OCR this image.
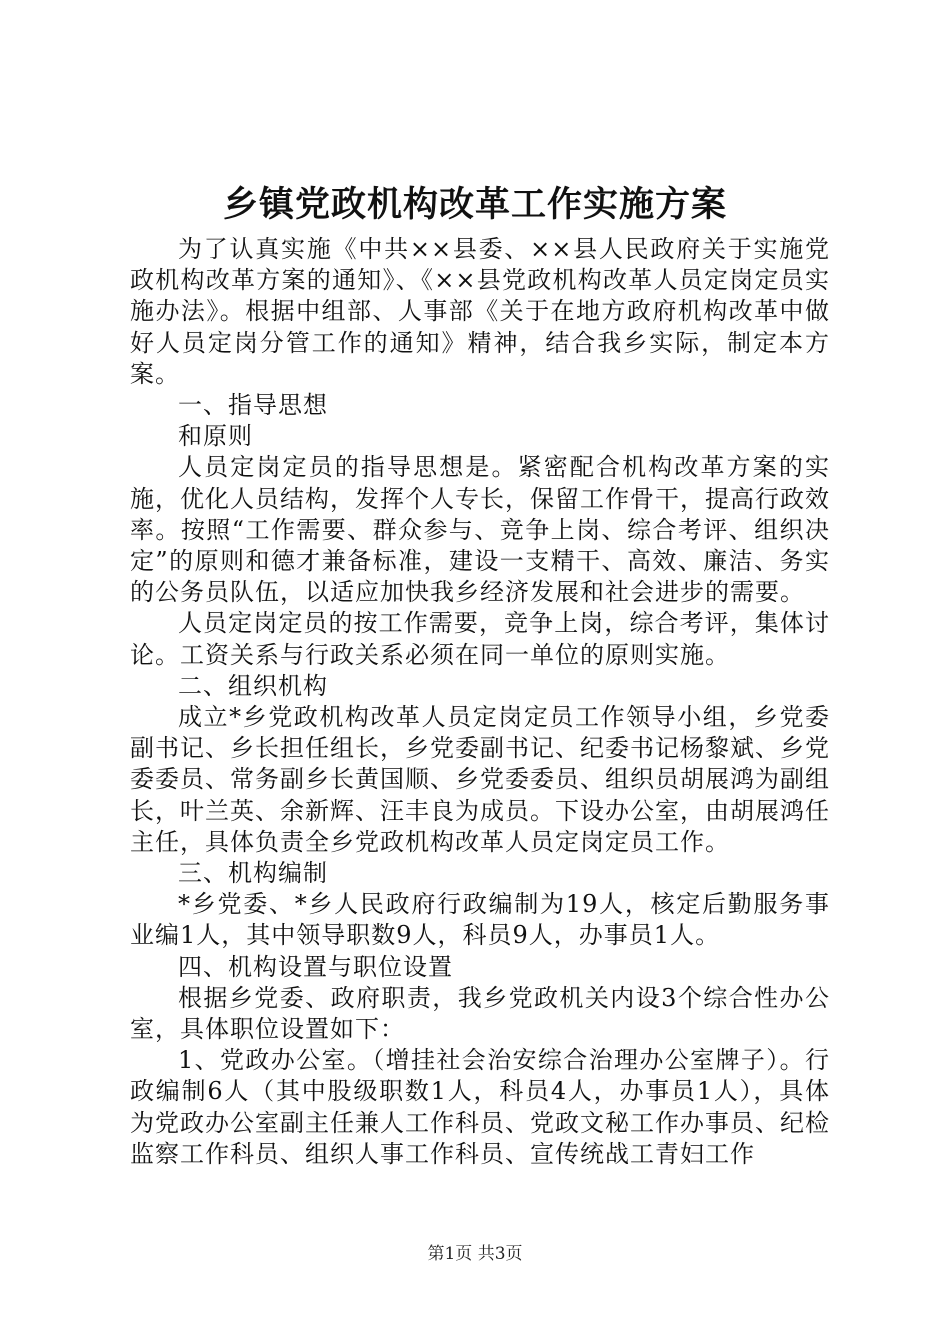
乡镇党政机构改革工作实施方案

为了认真实施《中共××县委、××县人民政府关于实施党政机构改革方案的通知》、《××县党政机构改革人员定岗定员实施办法》。根据中组部、人事部《关于在地方政府机构改革中做好人员定岗分管工作的通知》精神，结合我乡实际，制定本方案。

一、指导思想

和原则

人员定岗定员的指导思想是。紧密配合机构改革方案的实施，优化人员结构，发挥个人专长，保留工作骨干，提高行政效率。按照“工作需要、群众参与、竞争上岗、综合考评、组织决定”的原则和德才兼备标准，建设一支精干、高效、廉洁、务实的公务员队伍，以适应加快我乡经济发展和社会进步的需要。

人员定岗定员的按工作需要，竞争上岗，综合考评，集体讨论。工资关系与行政关系必须在同一单位的原则实施。

二、组织机构

成立*乡党政机构改革人员定岗定员工作领导小组，乡党委副书记、乡长担任组长，乡党委副书记、纪委书记杨黎斌、乡党委委员、常务副乡长黄国顺、乡党委委员、组织员胡展鸿为副组长，叶兰英、余新辉、汪丰良为成员。下设办公室，由胡展鸿任主任，具体负责全乡党政机构改革人员定岗定员工作。

三、机构编制

*乡党委、*乡人民政府行政编制为19人，核定后勤服务事业编1人，其中领导职数9人，科员9人，办事员1人。

四、机构设置与职位设置

根据乡党委、政府职责，我乡党政机关内设3个综合性办公室，具体职位设置如下：

1、党政办公室。（增挂社会治安综合治理办公室牌子）。行政编制6人（其中股级职数1人，科员4人，办事员1人），具体为党政办公室副主任兼人工作科员、党政文秘工作办事员、纪检监察工作科员、组织人事工作科员、宣传统战工青妇工作

第1页 共3页
